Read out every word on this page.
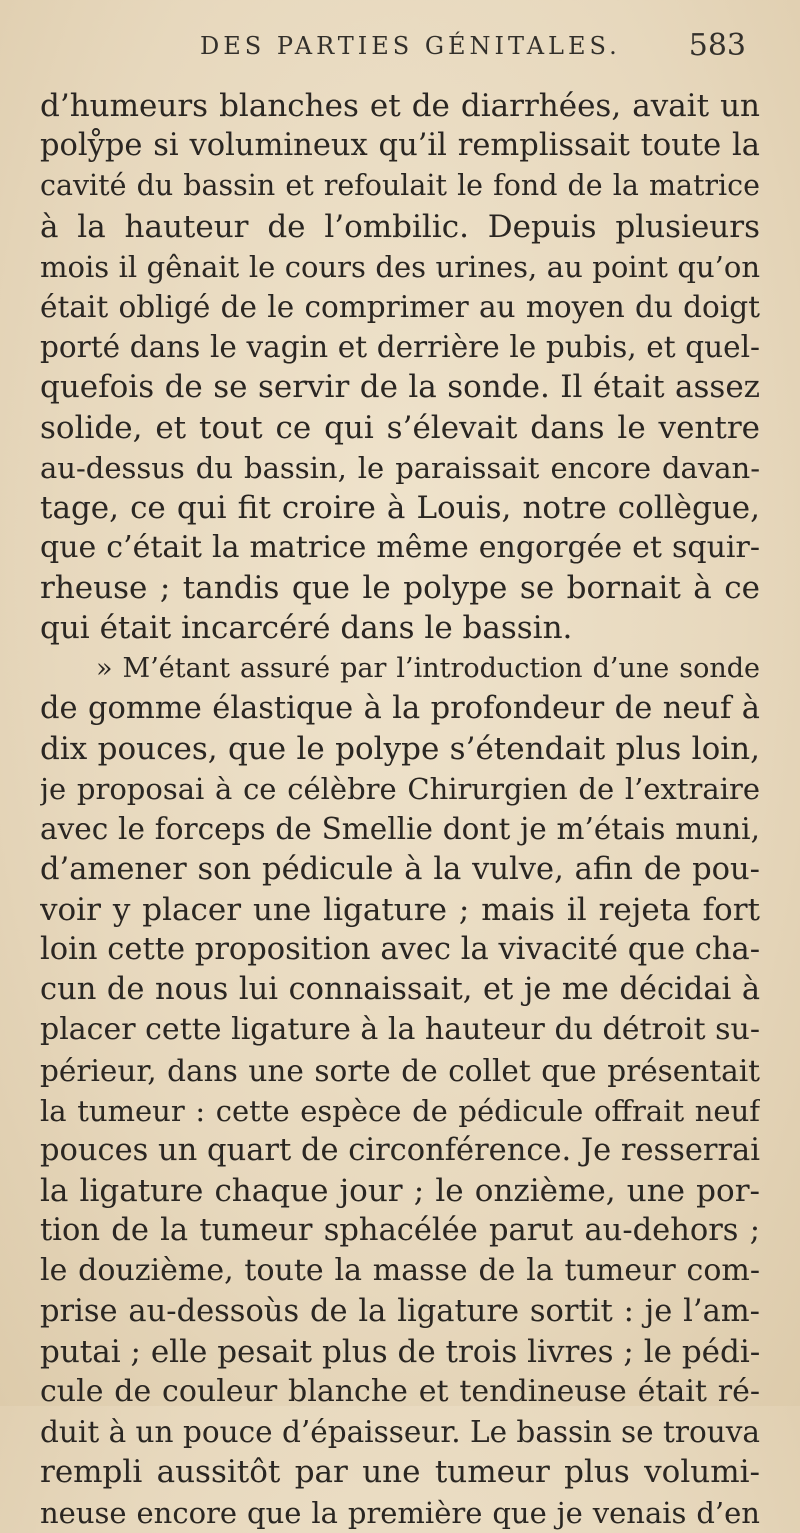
DES PARTIES GÉNITALES. 583
d’humeurs blanches et de diarrhées, avait un
polẙpe si volumineux qu’il remplissait toute la
cavité du bassin et refoulait le fond de la matrice
à la hauteur de l’ombilic. Depuis plusieurs
mois il gênait le cours des urines, au point qu’on
était obligé de le comprimer au moyen du doigt
porté dans le vagin et derrière le pubis, et quel-
quefois de se servir de la sonde. Il était assez
solide, et tout ce qui s’élevait dans le ventre
au-dessus du bassin, le paraissait encore davan-
tage, ce qui fit croire à Louis, notre collègue,
que c’était la matrice même engorgée et squir-
rheuse ; tandis que le polype se bornait à ce
qui était incarcéré dans le bassin.
» M’étant assuré par l’introduction d’une sonde
de gomme élastique à la profondeur de neuf à
dix pouces, que le polype s’étendait plus loin,
je proposai à ce célèbre Chirurgien de l’extraire
avec le forceps de Smellie dont je m’étais muni,
d’amener son pédicule à la vulve, afin de pou-
voir y placer une ligature ; mais il rejeta fort
loin cette proposition avec la vivacité que cha-
cun de nous lui connaissait, et je me décidai à
placer cette ligature à la hauteur du détroit su-
périeur, dans une sorte de collet que présentait
la tumeur : cette espèce de pédicule offrait neuf
pouces un quart de circonférence. Je resserrai
la ligature chaque jour ; le onzième, une por-
tion de la tumeur sphacélée parut au-dehors ;
le douzième, toute la masse de la tumeur com-
prise au-dessoùs de la ligature sortit : je l’am-
putai ; elle pesait plus de trois livres ; le pédi-
cule de couleur blanche et tendineuse était ré-
duit à un pouce d’épaisseur. Le bassin se trouva
rempli aussitôt par une tumeur plus volumi-
neuse encore que la première que je venais d’en
